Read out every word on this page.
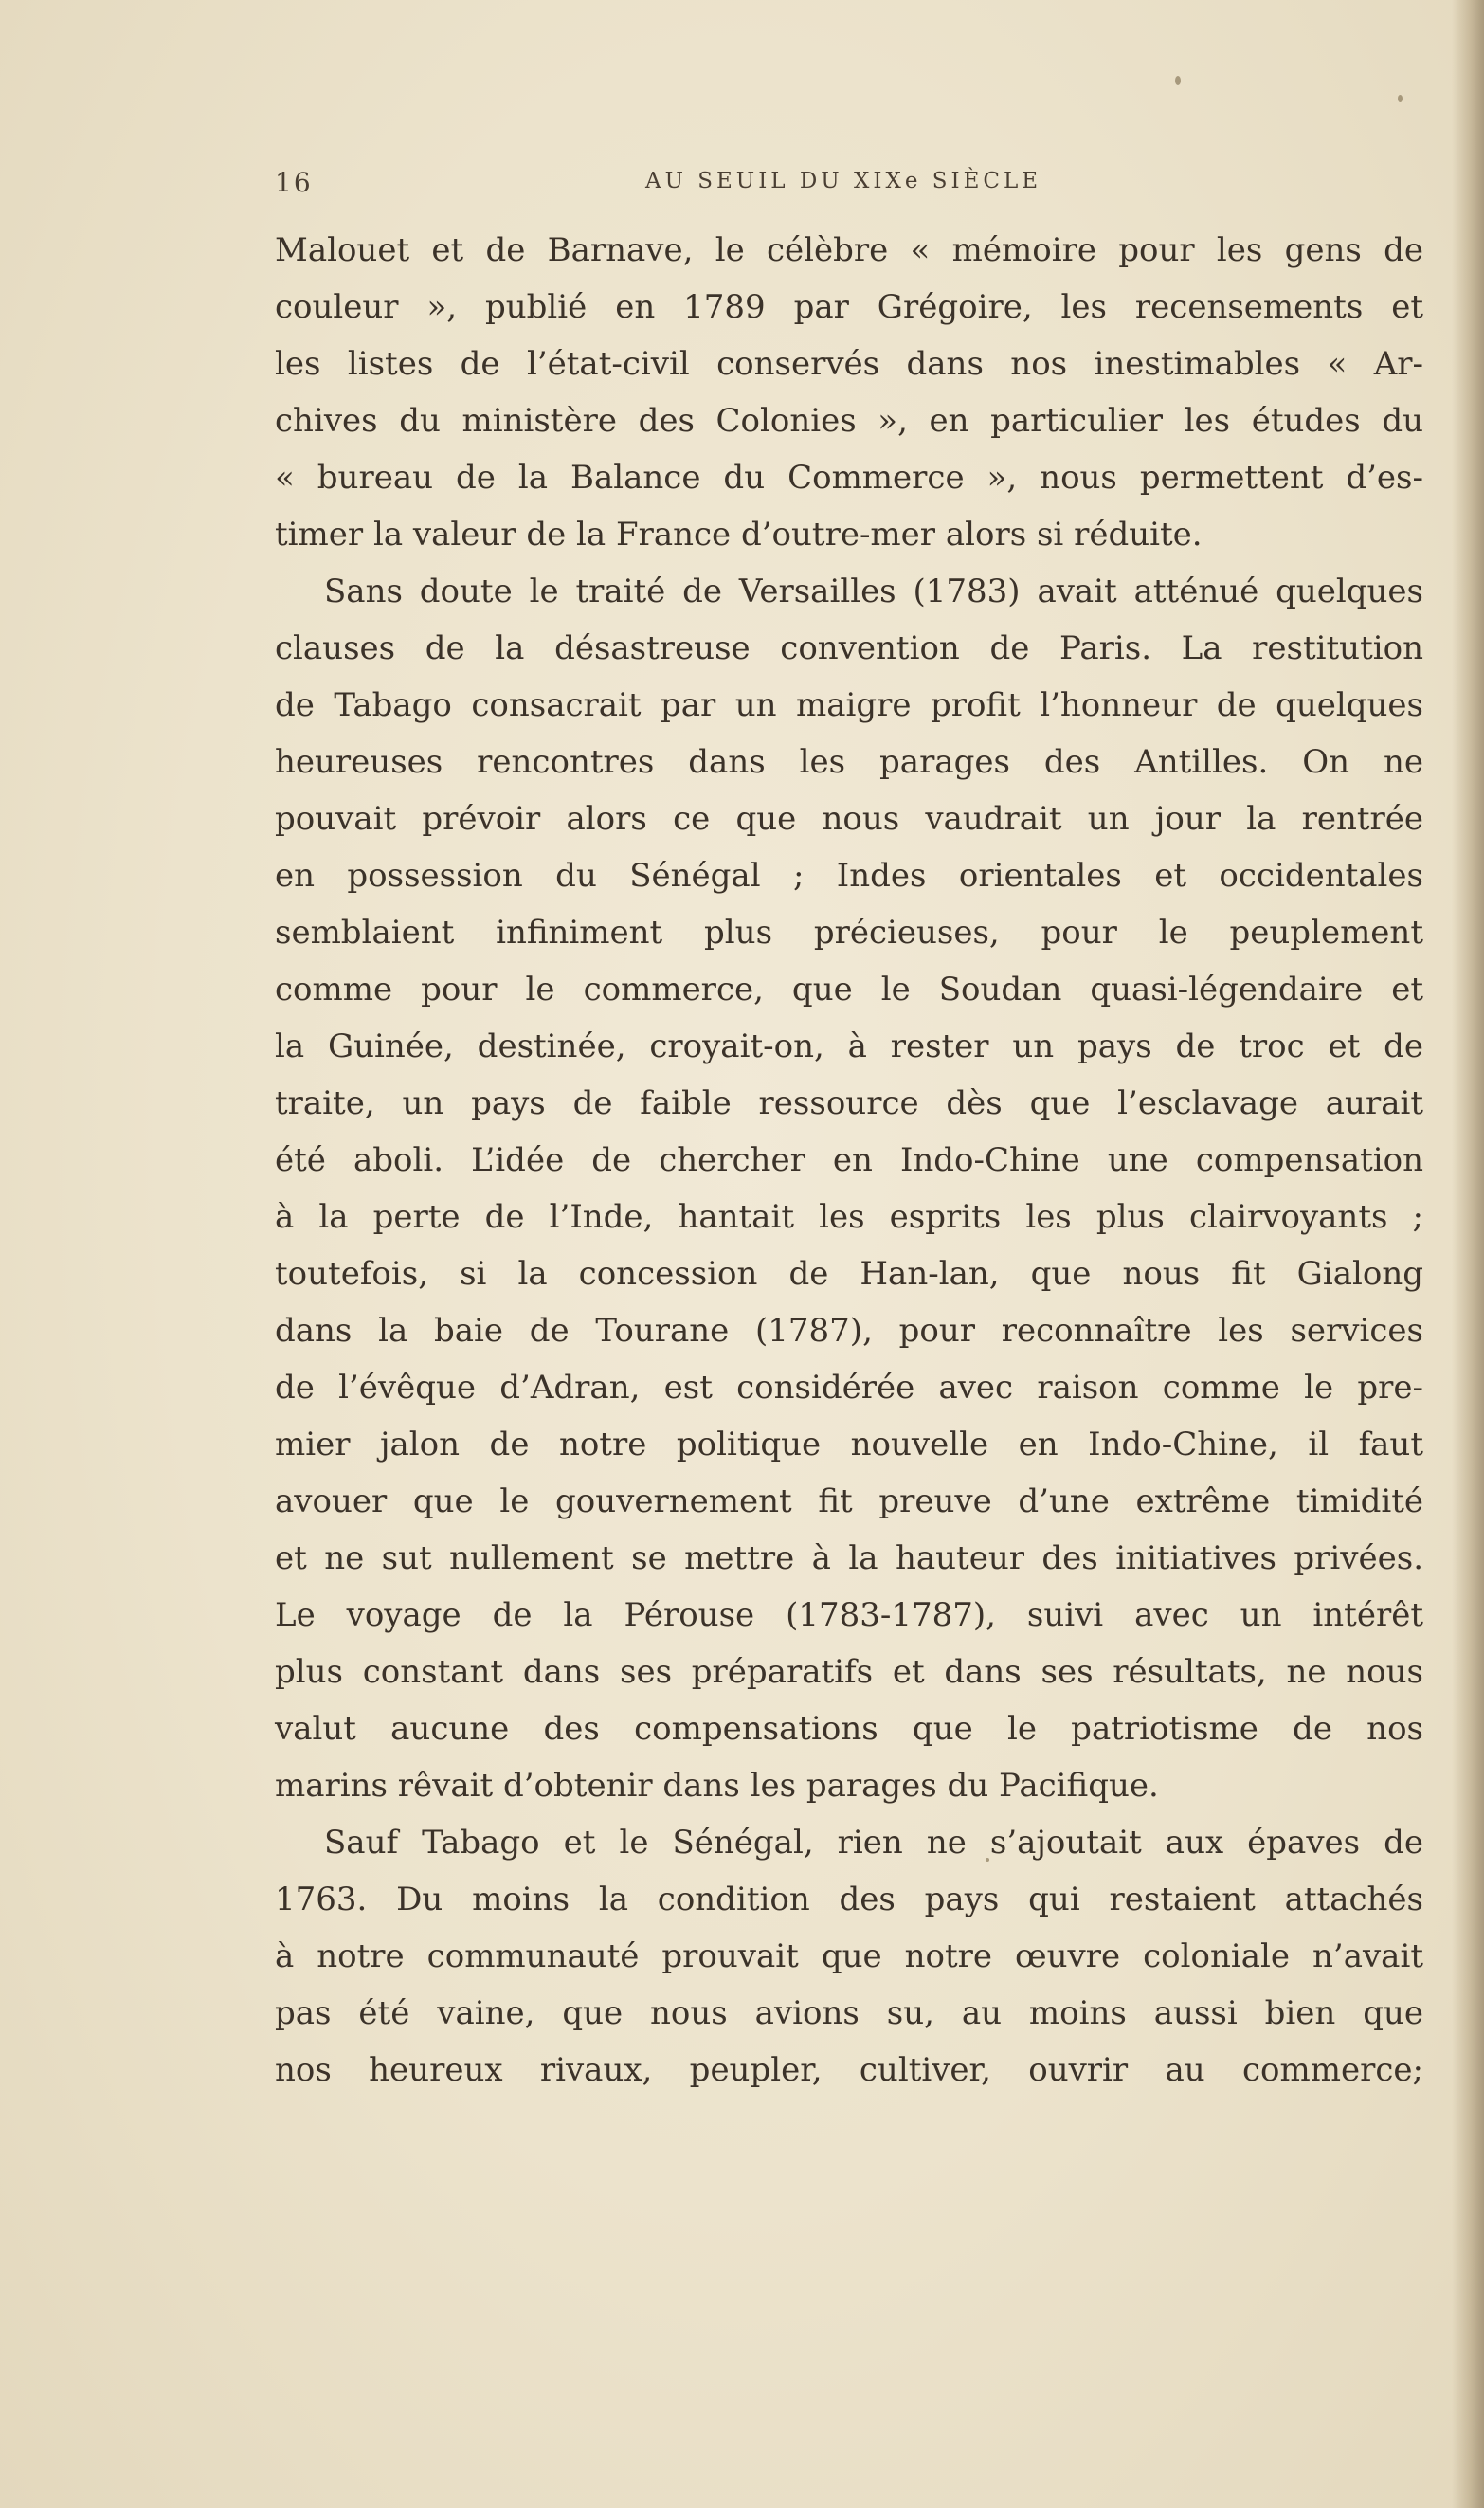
16	AU SEUIL DU XIXe SIÈCLE
Malouet et de Barnave, le célèbre « mémoire pour les gens de
couleur », publié en 1789 par Grégoire, les recensements et
les listes de l’état-civil conservés dans nos inestimables « Ar-
chives du ministère des Colonies », en particulier les études du
« bureau de la Balance du Commerce », nous permettent d’es-
timer la valeur de la France d’outre-mer alors si réduite.
Sans doute le traité de Versailles (1783) avait atténué quelques
clauses de la désastreuse convention de Paris. La restitution
de Tabago consacrait par un maigre profit l’honneur de quelques
heureuses rencontres dans les parages des Antilles. On ne
pouvait prévoir alors ce que nous vaudrait un jour la rentrée
en possession du Sénégal ; Indes orientales et occidentales
semblaient infiniment plus précieuses, pour le peuplement
comme pour le commerce, que le Soudan quasi-légendaire et
la Guinée, destinée, croyait-on, à rester un pays de troc et de
traite, un pays de faible ressource dès que l’esclavage aurait
été aboli. L’idée de chercher en Indo-Chine une compensation
à la perte de l’Inde, hantait les esprits les plus clairvoyants ;
toutefois, si la concession de Han-lan, que nous fit Gialong
dans la baie de Tourane (1787), pour reconnaître les services
de l’évêque d’Adran, est considérée avec raison comme le pre-
mier jalon de notre politique nouvelle en Indo-Chine, il faut
avouer que le gouvernement fit preuve d’une extrême timidité
et ne sut nullement se mettre à la hauteur des initiatives privées.
Le voyage de la Pérouse (1783-1787), suivi avec un intérêt
plus constant dans ses préparatifs et dans ses résultats, ne nous
valut aucune des compensations que le patriotisme de nos
marins rêvait d’obtenir dans les parages du Pacifique.
Sauf Tabago et le Sénégal, rien ne s’ajoutait aux épaves de
1763. Du moins la condition des pays qui restaient attachés
à notre communauté prouvait que notre œuvre coloniale n’avait
pas été vaine, que nous avions su, au moins aussi bien que
nos heureux rivaux, peupler, cultiver, ouvrir au commerce;
